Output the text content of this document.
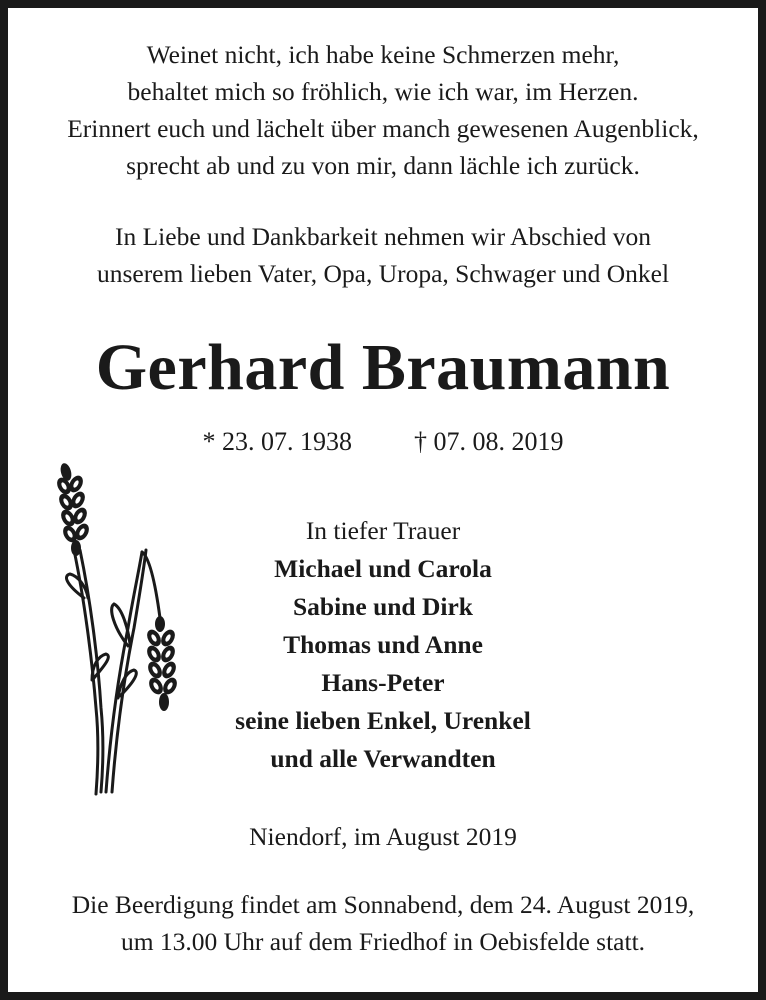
Weinet nicht, ich habe keine Schmerzen mehr,
behaltet mich so fröhlich, wie ich war, im Herzen.
Erinnert euch und lächelt über manch gewesenen Augenblick,
sprecht ab und zu von mir, dann lächle ich zurück.
In Liebe und Dankbarkeit nehmen wir Abschied von
unserem lieben Vater, Opa, Uropa, Schwager und Onkel
Gerhard Braumann
* 23. 07. 1938 † 07. 08. 2019
In tiefer Trauer
Michael und Carola
Sabine und Dirk
Thomas und Anne
Hans-Peter
seine lieben Enkel, Urenkel
und alle Verwandten
Niendorf, im August 2019
Die Beerdigung findet am Sonnabend, dem 24. August 2019,
um 13.00 Uhr auf dem Friedhof in Oebisfelde statt.
